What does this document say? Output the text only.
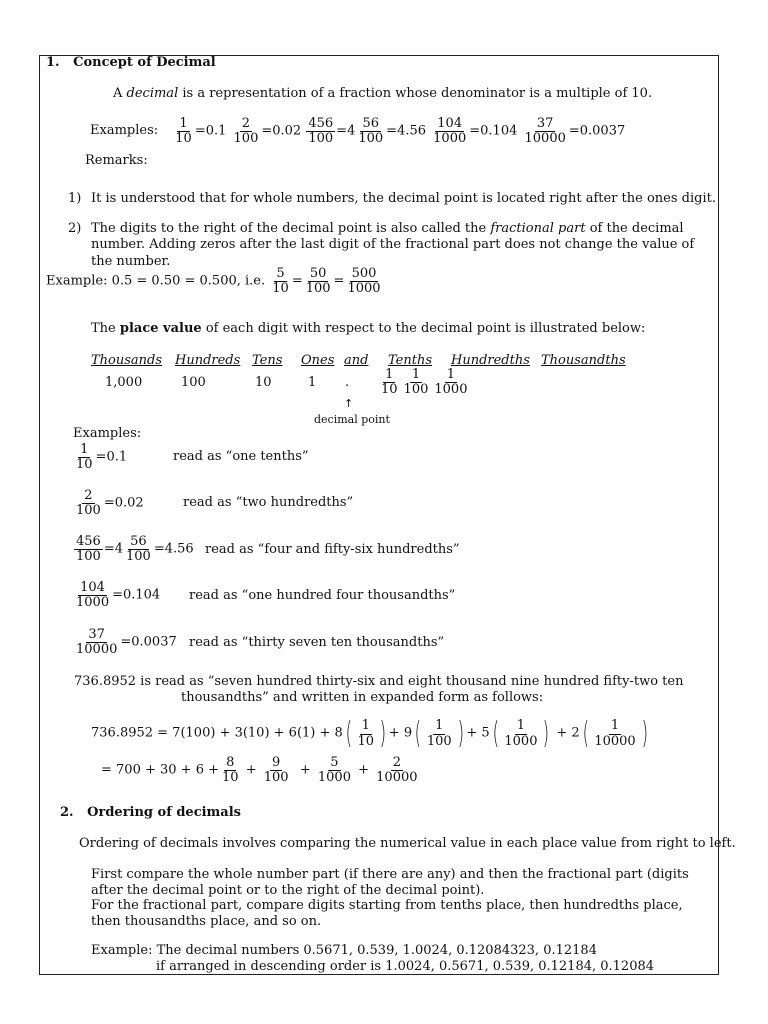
1. Concept of Decimal
A decimal is a representation of a fraction whose denominator is a multiple of 10.
Examples: $\frac{1}{10} =0.1 \frac{2}{100} =0.02 \frac{456}{100} =4 \frac{56}{100} =4.56 \frac{104}{1000} =0.104 \frac{37}{10000} =0.0037$
Remarks:
1) It is understood that for whole numbers, the decimal point is located right after the ones digit.
2) The digits to the right of the decimal point is also called the fractional part of the decimal number. Adding zeros after the last digit of the fractional part does not change the value of the number.
Example: 0.5 = 0.50 = 0.500, i.e. $\frac{5}{10} = \frac{50}{100} = \frac{500}{1000}$
The place value of each digit with respect to the decimal point is illustrated below:
Thousands Hundreds Tens Ones and Tenths Hundredths Thousandths
1,000	100	10	1 . $\frac{1}{10} \frac{1}{100} \frac{1}{1000}$
↑
decimal point
Examples:
$\frac{1}{10} =0.1$	read as “one tenths”
$\frac{2}{100} =0.02$	read as “two hundredths”
$\frac{456}{100} =4 \frac{56}{100} =4.56$ read as “four and fifty-six hundredths”
$\frac{104}{1000} =0.104$ read as “one hundred four thousandths”
$\frac{37}{10000} =0.0037$ read as “thirty seven ten thousandths”
736.8952 is read as “seven hundred thirty-six and eight thousand nine hundred fifty-two ten
thousandths” and written in expanded form as follows:
$736.8952 = 7(100) + 3(10) + 6(1) + 8( \frac{1}{10}$ ) + $9( \frac{1}{100}$ ) + $5( \frac{1}{1000}$ ) + $2( \frac{1}{10000}$ )
= $700 + 30 + 6 + \frac{8}{10} + \frac{9}{100} + \frac{5}{1000} + \frac{2}{10000}$
2. Ordering of decimals
Ordering of decimals involves comparing the numerical value in each place value from right to left.
First compare the whole number part (if there are any) and then the fractional part (digits after the decimal point or to the right of the decimal point).
For the fractional part, compare digits starting from tenths place, then hundredths place, then thousandths place, and so on.
Example: The decimal numbers 0.5671, 0.539, 1.0024, 0.12084323, 0.12184
if arranged in descending order is 1.0024, 0.5671, 0.539, 0.12184, 0.12084
